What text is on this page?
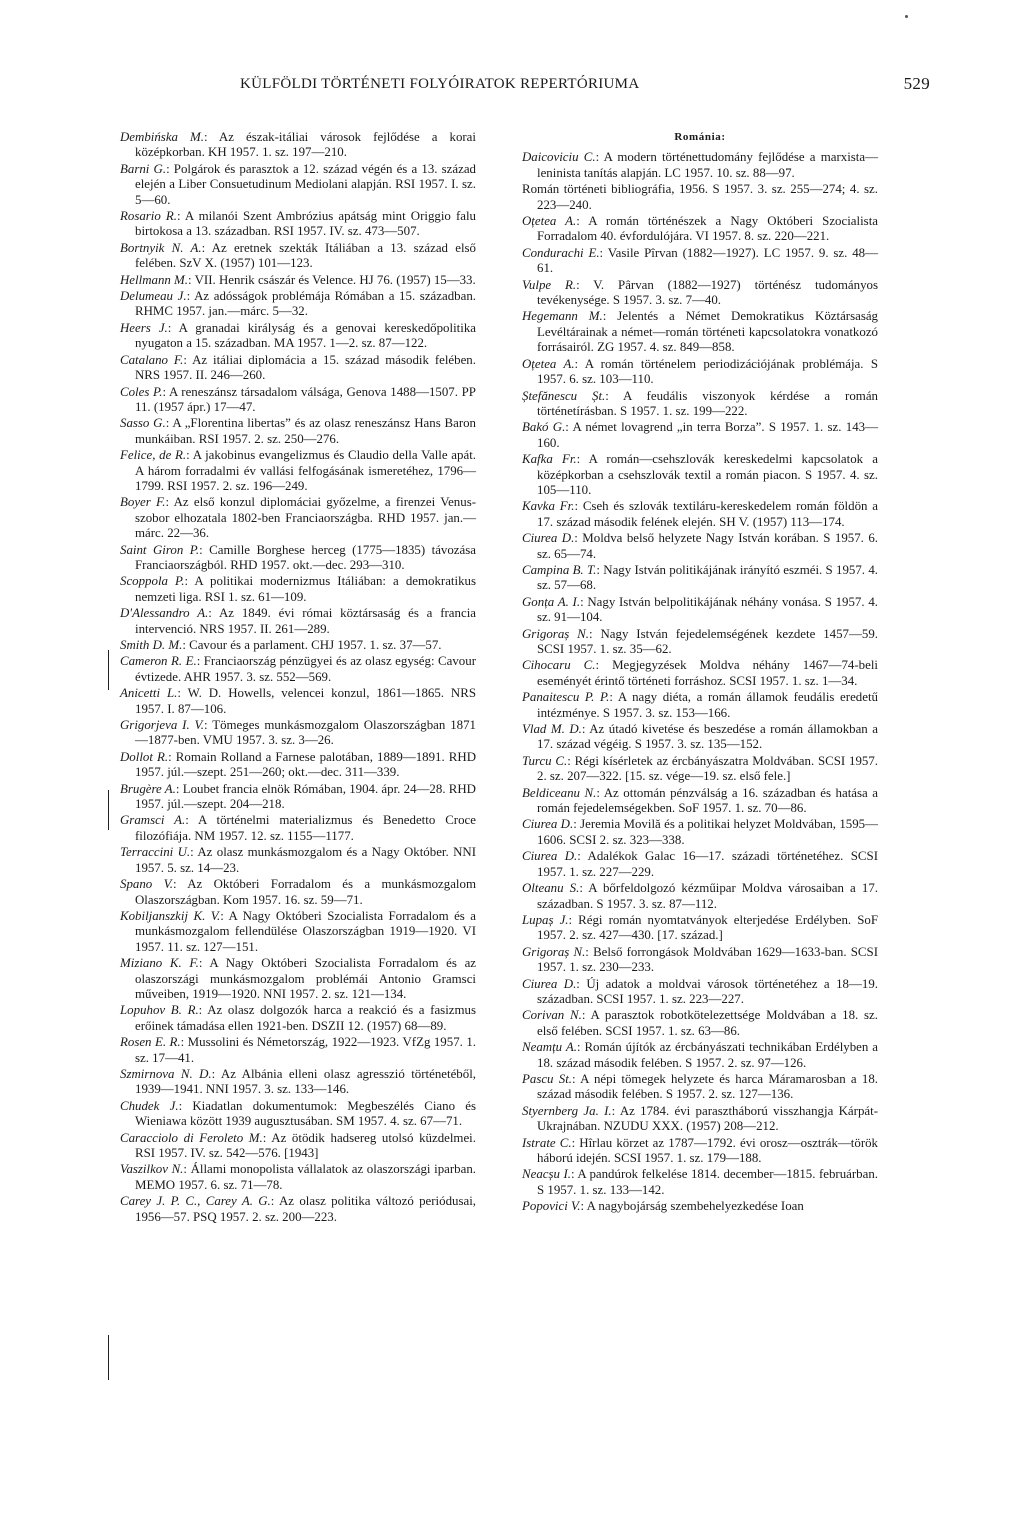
KÜLFÖLDI TÖRTÉNETI FOLYÓIRATOK REPERTÓRIUMA	529

Dembińska M.: Az észak-itáliai városok fejlődése a korai középkorban. KH 1957. 1. sz. 197—210.

Barni G.: Polgárok és parasztok a 12. század végén és a 13. század elején a Liber Consuetudinum Mediolani alapján. RSI 1957. I. sz. 5—60.

Rosario R.: A milanói Szent Ambrózius apátság mint Origgio falu birtokosa a 13. században. RSI 1957. IV. sz. 473—507.

Bortnyik N. A.: Az eretnek szekták Itáliában a 13. század első felében. SzV X. (1957) 101—123.

Hellmann M.: VII. Henrik császár és Velence. HJ 76. (1957) 15—33.

Delumeau J.: Az adósságok problémája Rómában a 15. században. RHMC 1957. jan.—márc. 5—32.

Heers J.: A granadai királyság és a genovai kereskedőpolitika nyugaton a 15. században. MA 1957. 1—2. sz. 87—122.

Catalano F.: Az itáliai diplomácia a 15. század második felében. NRS 1957. II. 246—260.

Coles P.: A reneszánsz társadalom válsága, Genova 1488—1507. PP 11. (1957 ápr.) 17—47.

Sasso G.: A „Florentina libertas” és az olasz reneszánsz Hans Baron munkáiban. RSI 1957. 2. sz. 250—276.

Felice, de R.: A jakobinus evangelizmus és Claudio della Valle apát. A három forradalmi év vallási felfogásának ismeretéhez, 1796—1799. RSI 1957. 2. sz. 196—249.

Boyer F.: Az első konzul diplomáciai győzelme, a firenzei Venus-szobor elhozatala 1802-ben Franciaországba. RHD 1957. jan.—márc. 22—36.

Saint Giron P.: Camille Borghese herceg (1775—1835) távozása Franciaországból. RHD 1957. okt.—dec. 293—310.

Scoppola P.: A politikai modernizmus Itáliában: a demokratikus nemzeti liga. RSI 1. sz. 61—109.

D'Alessandro A.: Az 1849. évi római köztársaság és a francia intervenció. NRS 1957. II. 261—289.

Smith D. M.: Cavour és a parlament. CHJ 1957. 1. sz. 37—57.

Cameron R. E.: Franciaország pénzügyei és az olasz egység: Cavour évtizede. AHR 1957. 3. sz. 552—569.

Anicetti L.: W. D. Howells, velencei konzul, 1861—1865. NRS 1957. I. 87—106.

Grigorjeva I. V.: Tömeges munkásmozgalom Olaszországban 1871—1877-ben. VMU 1957. 3. sz. 3—26.

Dollot R.: Romain Rolland a Farnese palotában, 1889—1891. RHD 1957. júl.—szept. 251—260; okt.—dec. 311—339.

Brugère A.: Loubet francia elnök Rómában, 1904. ápr. 24—28. RHD 1957. júl.—szept. 204—218.

Gramsci A.: A történelmi materializmus és Benedetto Croce filozófiája. NM 1957. 12. sz. 1155—1177.

Terraccini U.: Az olasz munkásmozgalom és a Nagy Október. NNI 1957. 5. sz. 14—23.

Spano V.: Az Októberi Forradalom és a munkásmozgalom Olaszországban. Kom 1957. 16. sz. 59—71.

Kobiljanszkij K. V.: A Nagy Októberi Szocialista Forradalom és a munkásmozgalom fellendülése Olaszországban 1919—1920. VI 1957. 11. sz. 127—151.

Miziano K. F.: A Nagy Októberi Szocialista Forradalom és az olaszországi munkásmozgalom problémái Antonio Gramsci műveiben, 1919—1920. NNI 1957. 2. sz. 121—134.

Lopuhov B. R.: Az olasz dolgozók harca a reakció és a fasizmus erőinek támadása ellen 1921-ben. DSZII 12. (1957) 68—89.

Rosen E. R.: Mussolini és Németország, 1922—1923. VfZg 1957. 1. sz. 17—41.

Szmirnova N. D.: Az Albánia elleni olasz agresszió történetéből, 1939—1941. NNI 1957. 3. sz. 133—146.

Chudek J.: Kiadatlan dokumentumok: Megbeszélés Ciano és Wieniawa között 1939 augusztusában. SM 1957. 4. sz. 67—71.

Caracciolo di Feroleto M.: Az ötödik hadsereg utolsó küzdelmei. RSI 1957. IV. sz. 542—576. [1943]

Vaszilkov N.: Állami monopolista vállalatok az olaszországi iparban. MEMO 1957. 6. sz. 71—78.

Carey J. P. C., Carey A. G.: Az olasz politika változó periódusai, 1956—57. PSQ 1957. 2. sz. 200—223.

Románia:

Daicoviciu C.: A modern történettudomány fejlődése a marxista—leninista tanítás alapján. LC 1957. 10. sz. 88—97.

Román történeti bibliográfia, 1956. S 1957. 3. sz. 255—274; 4. sz. 223—240.

Oțetea A.: A román történészek a Nagy Októberi Szocialista Forradalom 40. évfordulójára. VI 1957. 8. sz. 220—221.

Condurachi E.: Vasile Pîrvan (1882—1927). LC 1957. 9. sz. 48—61.

Vulpe R.: V. Pârvan (1882—1927) történész tudományos tevékenysége. S 1957. 3. sz. 7—40.

Hegemann M.: Jelentés a Német Demokratikus Köztársaság Levéltárainak a német—román történeti kapcsolatokra vonatkozó forrásairól. ZG 1957. 4. sz. 849—858.

Oțetea A.: A román történelem periodizációjának problémája. S 1957. 6. sz. 103—110.

Ștefănescu Șt.: A feudális viszonyok kérdése a román történetírásban. S 1957. 1. sz. 199—222.

Bakó G.: A német lovagrend „in terra Borza”. S 1957. 1. sz. 143—160.

Kafka Fr.: A román—csehszlovák kereskedelmi kapcsolatok a középkorban a csehszlovák textil a román piacon. S 1957. 4. sz. 105—110.

Kavka Fr.: Cseh és szlovák textiláru-kereskedelem román földön a 17. század második felének elején. SH V. (1957) 113—174.

Ciurea D.: Moldva belső helyzete Nagy István korában. S 1957. 6. sz. 65—74.

Campina B. T.: Nagy István politikájának irányító eszméi. S 1957. 4. sz. 57—68.

Gonța A. I.: Nagy István belpolitikájának néhány vonása. S 1957. 4. sz. 91—104.

Grigoraș N.: Nagy István fejedelemségének kezdete 1457—59. SCSI 1957. 1. sz. 35—62.

Cihocaru C.: Megjegyzések Moldva néhány 1467—74-beli eseményét érintő történeti forráshoz. SCSI 1957. 1. sz. 1—34.

Panaitescu P. P.: A nagy diéta, a román államok feudális eredetű intézménye. S 1957. 3. sz. 153—166.

Vlad M. D.: Az útadó kivetése és beszedése a román államokban a 17. század végéig. S 1957. 3. sz. 135—152.

Turcu C.: Régi kísérletek az ércbányászatra Moldvában. SCSI 1957. 2. sz. 207—322. [15. sz. vége—19. sz. első fele.]

Beldiceanu N.: Az ottomán pénzválság a 16. században és hatása a román fejedelemségekben. SoF 1957. 1. sz. 70—86.

Ciurea D.: Jeremia Movilă és a politikai helyzet Moldvában, 1595—1606. SCSI 2. sz. 323—338.

Ciurea D.: Adalékok Galac 16—17. századi történetéhez. SCSI 1957. 1. sz. 227—229.

Olteanu S.: A bőrfeldolgozó kézműipar Moldva városaiban a 17. században. S 1957. 3. sz. 87—112.

Lupaș J.: Régi román nyomtatványok elterjedése Erdélyben. SoF 1957. 2. sz. 427—430. [17. század.]

Grigoraș N.: Belső forrongások Moldvában 1629—1633-ban. SCSI 1957. 1. sz. 230—233.

Ciurea D.: Új adatok a moldvai városok történetéhez a 18—19. században. SCSI 1957. 1. sz. 223—227.

Corivan N.: A parasztok robotkötelezettsége Moldvában a 18. sz. első felében. SCSI 1957. 1. sz. 63—86.

Neamțu A.: Román újítók az ércbányászati technikában Erdélyben a 18. század második felében. S 1957. 2. sz. 97—126.

Pascu St.: A népi tömegek helyzete és harca Máramarosban a 18. század második felében. S 1957. 2. sz. 127—136.

Styernberg Ja. I.: Az 1784. évi parasztháború visszhangja Kárpát-Ukrajnában. NZUDU XXX. (1957) 208—212.

Istrate C.: Hîrlau körzet az 1787—1792. évi orosz—osztrák—török háború idején. SCSI 1957. 1. sz. 179—188.

Neacșu I.: A pandúrok felkelése 1814. december—1815. februárban. S 1957. 1. sz. 133—142.

Popovici V.: A nagybojárság szembehelyezkedése Ioan
